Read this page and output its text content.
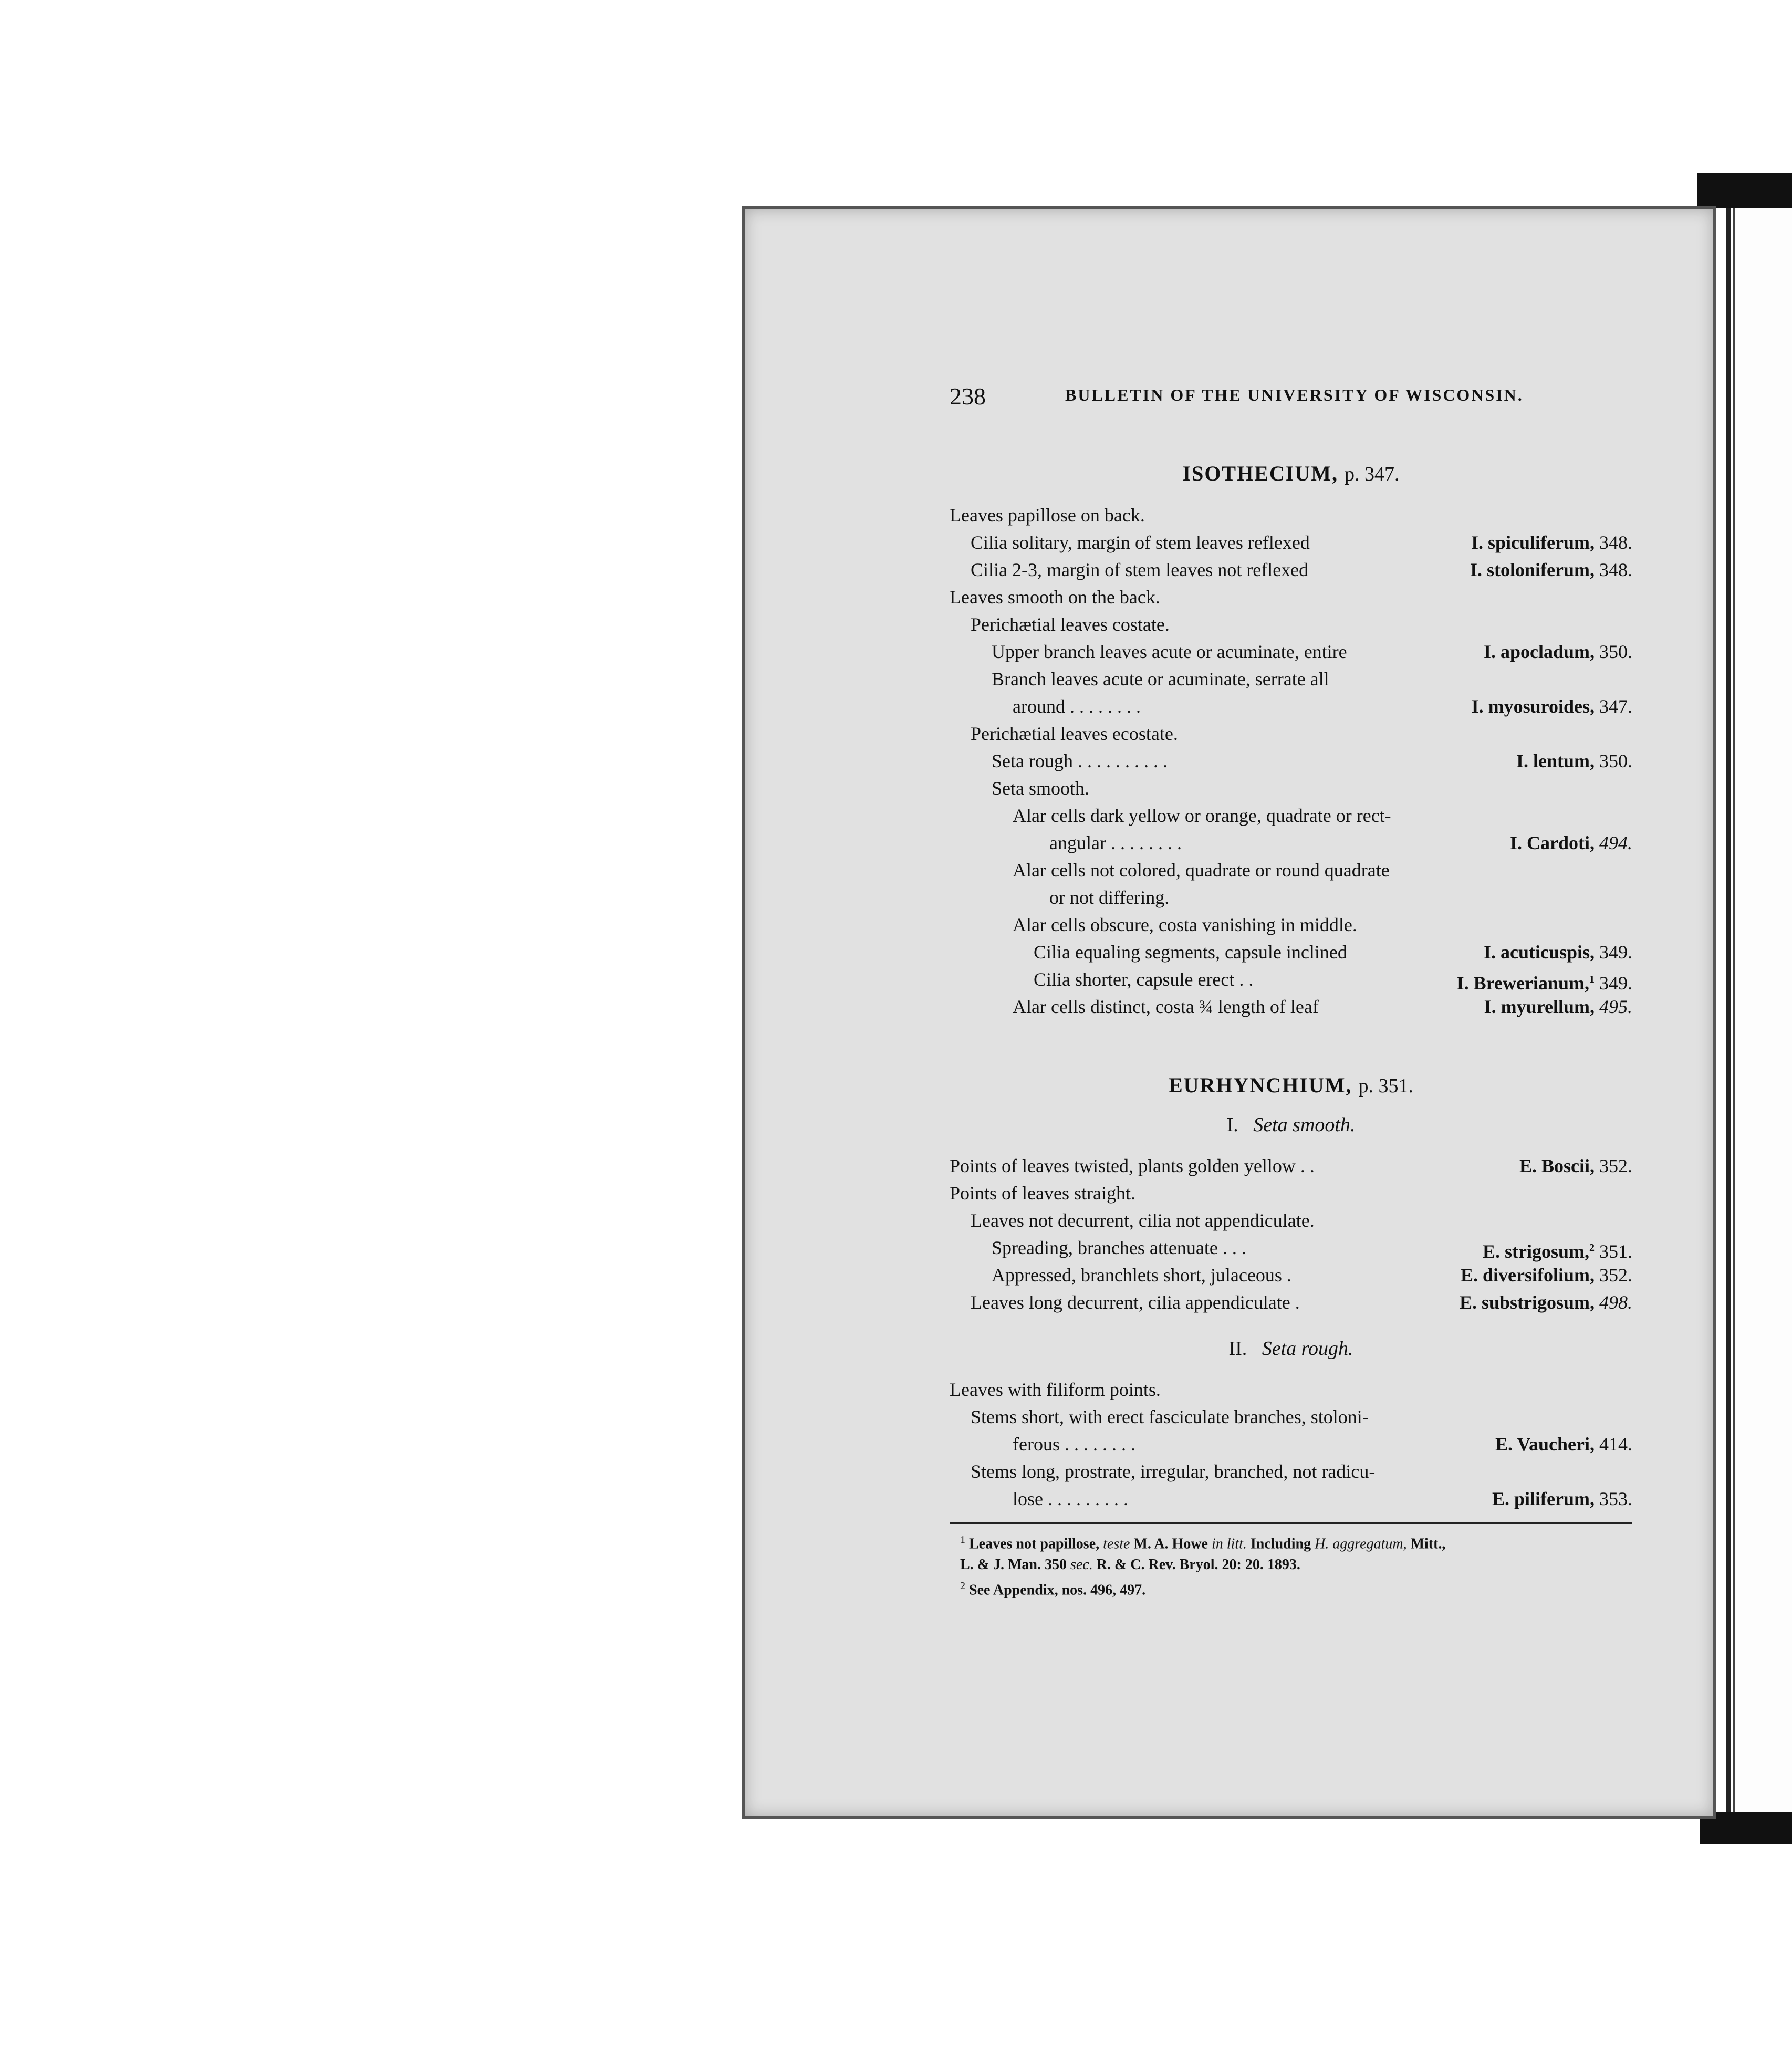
238	BULLETIN OF THE UNIVERSITY OF WISCONSIN.
ISOTHECIUM, p. 347.
Leaves papillose on back.
Cilia solitary, margin of stem leaves reflexed	I. spiculiferum, 348.
Cilia 2-3, margin of stem leaves not reflexed	I. stoloniferum, 348.
Leaves smooth on the back.
Perichætial leaves costate.
Upper branch leaves acute or acuminate, entire	I. apocladum, 350.
Branch leaves acute or acuminate, serrate all
around . . . . . . . .	I. myosuroides, 347.
Perichætial leaves ecostate.
Seta rough . . . . . . . . . .	I. lentum, 350.
Seta smooth.
Alar cells dark yellow or orange, quadrate or rect-
angular . . . . . . . .	I. Cardoti, 494.
Alar cells not colored, quadrate or round quadrate
or not differing.
Alar cells obscure, costa vanishing in middle.
Cilia equaling segments, capsule inclined	I. acuticuspis, 349.
Cilia shorter, capsule erect . .	I. Brewerianum,$^1$ 349.
Alar cells distinct, costa ¾ length of leaf	I. myurellum, 495.
EURHYNCHIUM, p. 351.
I. Seta smooth.
Points of leaves twisted, plants golden yellow . .	E. Boscii, 352.
Points of leaves straight.
Leaves not decurrent, cilia not appendiculate.
Spreading, branches attenuate . . .	E. strigosum,$^2$ 351.
Appressed, branchlets short, julaceous .	E. diversifolium, 352.
Leaves long decurrent, cilia appendiculate .	E. substrigosum, 498.
II. Seta rough.
Leaves with filiform points.
Stems short, with erect fasciculate branches, stoloni-
ferous . . . . . . . .	E. Vaucheri, 414.
Stems long, prostrate, irregular, branched, not radicu-
lose . . . . . . . . .	E. piliferum, 353.
$^1$ Leaves not papillose, teste M. A. Howe in litt. Including H. aggregatum, Mitt.,
L. & J. Man. 350 sec. R. & C. Rev. Bryol. 20: 20. 1893.
$^2$ See Appendix, nos. 496, 497.
